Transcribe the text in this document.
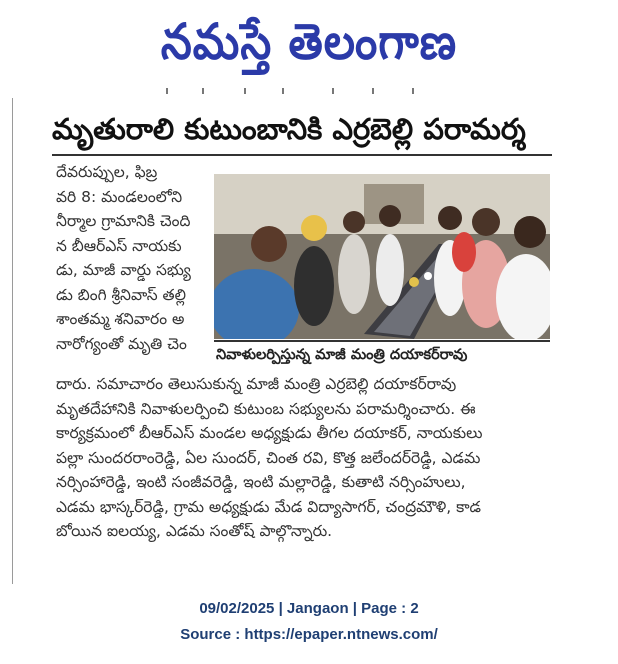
నమస్తే తెలంగాణ
మృతురాలి కుటుంబానికి ఎర్రబెల్లి పరామర్శ
దేవరుప్పుల, ఫిబ్ర
వరి 8: మండలంలోని
నీర్మాల గ్రామానికి చెంది
న బీఆర్ఎస్ నాయకు
డు, మాజీ వార్డు సభ్యు
డు బింగి శ్రీనివాస్ తల్లి
శాంతమ్మ శనివారం అ
నారోగ్యంతో మృతి చెం
నివాళులర్పిస్తున్న మాజీ మంత్రి దయాకర్‌రావు
దారు. సమాచారం తెలుసుకున్న మాజీ మంత్రి ఎర్రబెల్లి దయాకర్‌రావు
మృతదేహానికి నివాళులర్పించి కుటుంబ సభ్యులను పరామర్శించారు. ఈ
కార్యక్రమంలో బీఆర్ఎస్ మండల అధ్యక్షుడు తీగల దయాకర్, నాయకులు
పల్లా సుందరరాంరెడ్డి, ఏల సుందర్, చింత రవి, కొత్త జలేందర్‌రెడ్డి, ఎడమ
నర్సింహారెడ్డి, ఇంటి సంజీవరెడ్డి, ఇంటి మల్లారెడ్డి, కుతాటి నర్సింహులు,
ఎడమ భాస్కర్‌రెడ్డి, గ్రామ అధ్యక్షుడు మేడ విద్యాసాగర్, చంద్రమౌళి, కాడ
బోయిన ఐలయ్య, ఎడమ సంతోష్ పాల్గొన్నారు.
09/02/2025 | Jangaon | Page : 2
Source : https://epaper.ntnews.com/
